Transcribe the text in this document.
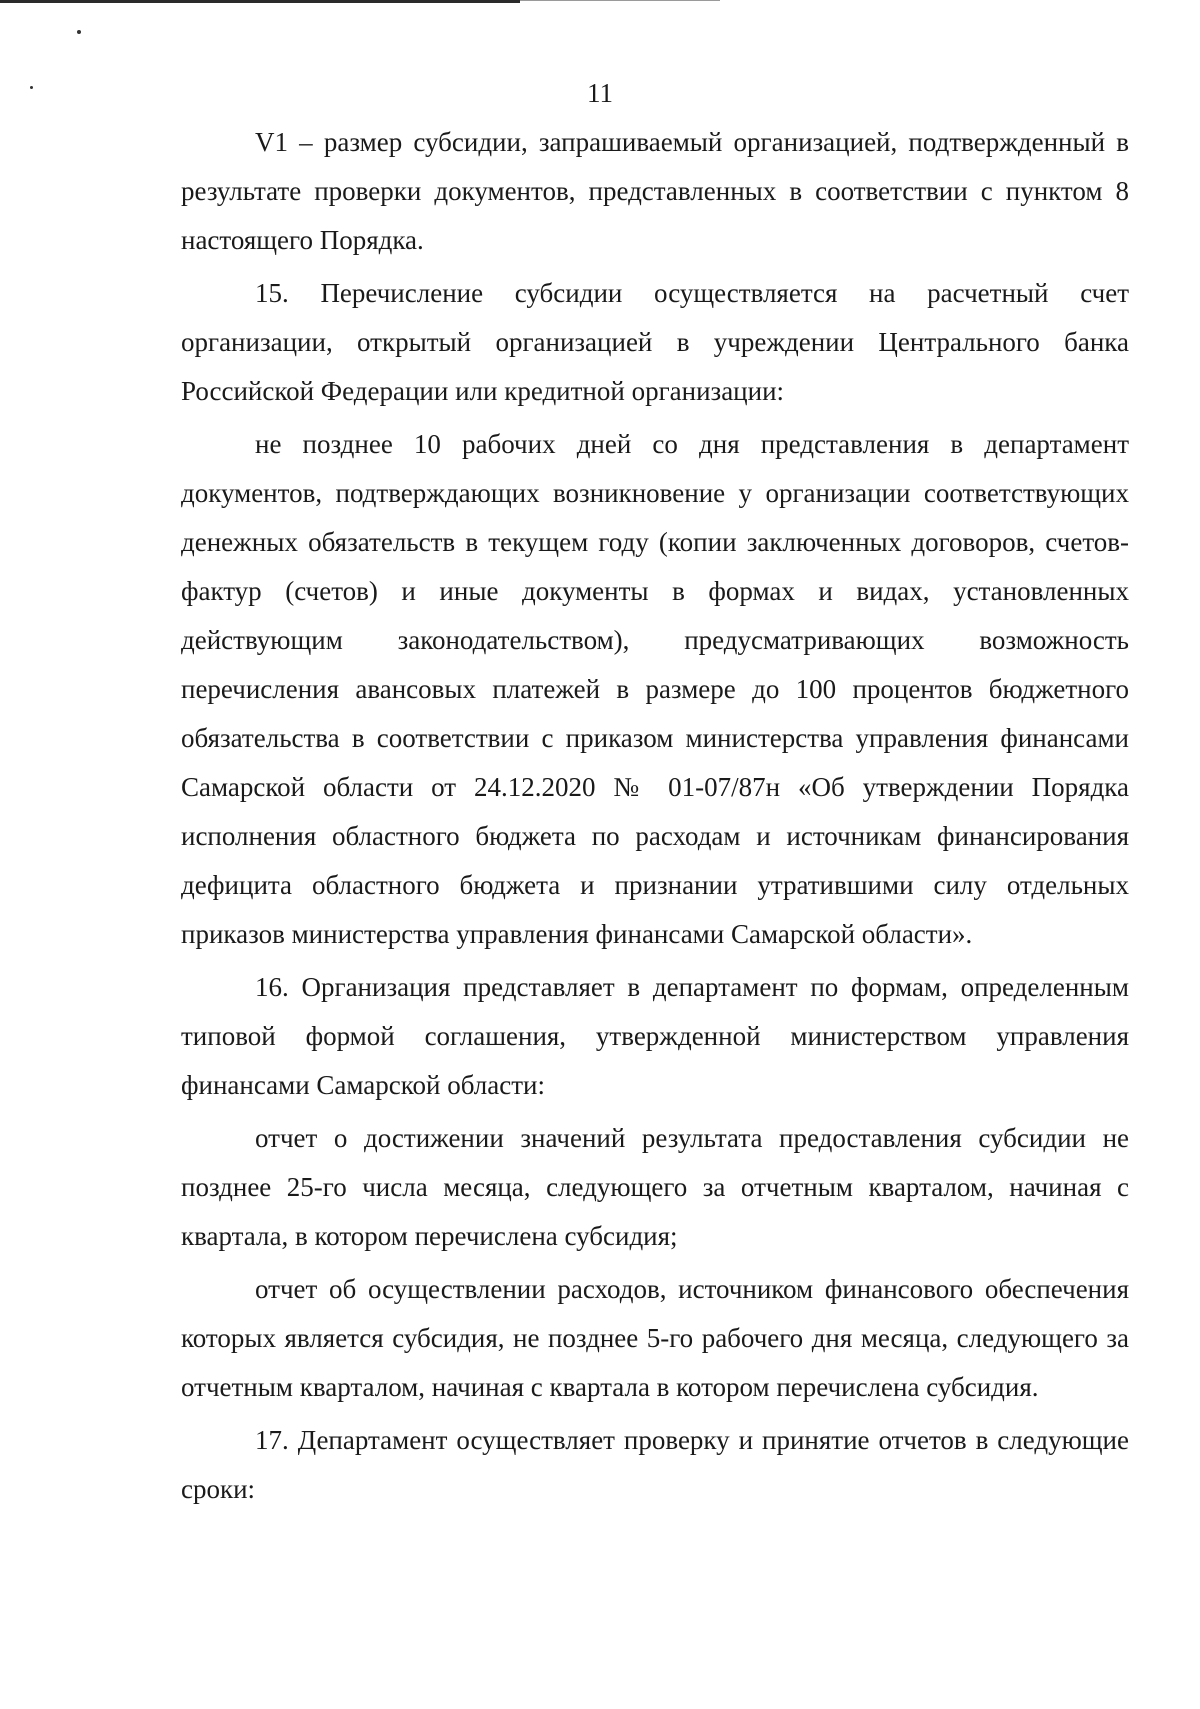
11

V1 – размер субсидии, запрашиваемый организацией, подтвержденный в результате проверки документов, представленных в соответствии с пунктом 8 настоящего Порядка.

15. Перечисление субсидии осуществляется на расчетный счет организации, открытый организацией в учреждении Центрального банка Российской Федерации или кредитной организации:

не позднее 10 рабочих дней со дня представления в департамент документов, подтверждающих возникновение у организации соответствующих денежных обязательств в текущем году (копии заключенных договоров, счетов-фактур (счетов) и иные документы в формах и видах, установленных действующим законодательством), предусматривающих возможность перечисления авансовых платежей в размере до 100 процентов бюджетного обязательства в соответствии с приказом министерства управления финансами Самарской области от 24.12.2020 № 01-07/87н «Об утверждении Порядка исполнения областного бюджета по расходам и источникам финансирования дефицита областного бюджета и признании утратившими силу отдельных приказов министерства управления финансами Самарской области».

16. Организация представляет в департамент по формам, определенным типовой формой соглашения, утвержденной министерством управления финансами Самарской области:

отчет о достижении значений результата предоставления субсидии не позднее 25-го числа месяца, следующего за отчетным кварталом, начиная с квартала, в котором перечислена субсидия;

отчет об осуществлении расходов, источником финансового обеспечения которых является субсидия, не позднее 5-го рабочего дня месяца, следующего за отчетным кварталом, начиная с квартала в котором перечислена субсидия.

17. Департамент осуществляет проверку и принятие отчетов в следующие сроки:
